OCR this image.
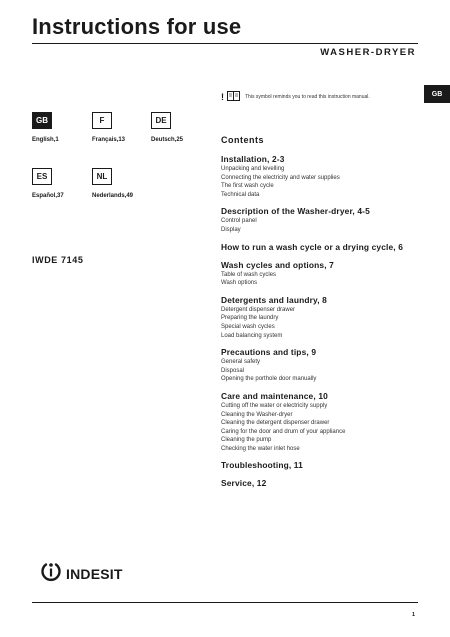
Instructions for use
WASHER-DRYER
GB
!	This symbol reminds you to read this instruction manual.
GB
English,1
F
Français,13
DE
Deutsch,25
ES
Español,37
NL
Nederlands,49
IWDE 7145
Contents
Installation, 2-3
Unpacking and levelling
Connecting the electricity and water supplies
The first wash cycle
Technical data
Description of the Washer-dryer, 4-5
Control panel
Display
How to run a wash cycle or a drying cycle, 6
Wash cycles and options, 7
Table of wash cycles
Wash options
Detergents and laundry, 8
Detergent dispenser drawer
Preparing the laundry
Special wash cycles
Load balancing system
Precautions and tips, 9
General safety
Disposal
Opening the porthole door manually
Care and maintenance, 10
Cutting off the water or electricity supply
Cleaning the Washer-dryer
Cleaning the detergent dispenser drawer
Caring for the door and drum of your appliance
Cleaning the pump
Checking the water inlet hose
Troubleshooting, 11
Service, 12
INDESIT
1
